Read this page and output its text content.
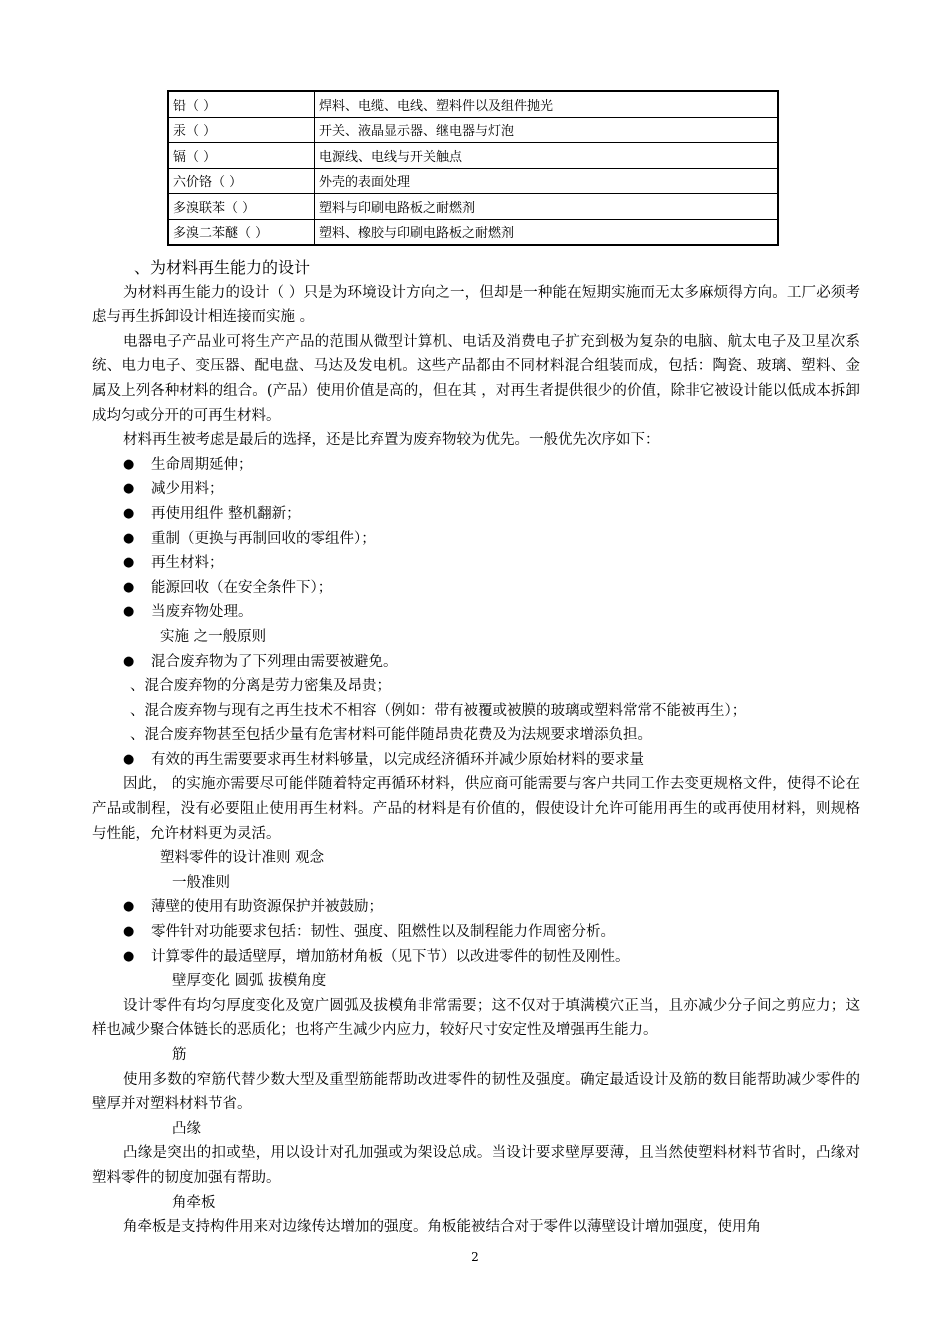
铅（ ）	焊料、电缆、电线、塑料件以及组件抛光
汞（ ）	开关、液晶显示器、继电器与灯泡
镉（ ）	电源线、电线与开关触点
六价铬（ ）	外壳的表面处理
多溴联苯（ ）	塑料与印刷电路板之耐燃剂
多溴二苯醚（ ）	塑料、橡胶与印刷电路板之耐燃剂
、为材料再生能力的设计

为材料再生能力的设计（ ）只是为环境设计方向之一，但却是一种能在短期实施而无太多麻烦得方向。工厂必须考虑与再生拆卸设计相连接而实施 。

电器电子产品业可将生产产品的范围从微型计算机、电话及消费电子扩充到极为复杂的电脑、航太电子及卫星次系统、电力电子、变压器、配电盘、马达及发电机。这些产品都由不同材料混合组装而成，包括：陶瓷、玻璃、塑料、金属及上列各种材料的组合。(产品）使用价值是高的，但在其 ，对再生者提供很少的价值，除非它被设计能以低成本拆卸成均匀或分开的可再生材料。

材料再生被考虑是最后的选择，还是比弃置为废弃物较为优先。一般优先次序如下：

●	生命周期延伸；
●	减少用料；
●	再使用组件 整机翻新；
●	重制（更换与再制回收的零组件）；
●	再生材料；
●	能源回收（在安全条件下）；
●	当废弃物处理。
实施 之一般原则
●	混合废弃物为了下列理由需要被避免。
、混合废弃物的分离是劳力密集及昂贵；
、混合废弃物与现有之再生技术不相容（例如：带有被覆或被膜的玻璃或塑料常常不能被再生）；
、混合废弃物甚至包括少量有危害材料可能伴随昂贵花费及为法规要求增添负担。
●	有效的再生需要要求再生材料够量，以完成经济循环并减少原始材料的要求量

因此， 的实施亦需要尽可能伴随着特定再循环材料，供应商可能需要与客户共同工作去变更规格文件，使得不论在产品或制程，没有必要阻止使用再生材料。产品的材料是有价值的，假使设计允许可能用再生的或再使用材料，则规格与性能，允许材料更为灵活。

塑料零件的设计准则 观念
一般准则
●	薄壁的使用有助资源保护并被鼓励；
●	零件针对功能要求包括：韧性、强度、阻燃性以及制程能力作周密分析。
●	计算零件的最适壁厚，增加筋材角板（见下节）以改进零件的韧性及刚性。
壁厚变化 圆弧 拔模角度

设计零件有均匀厚度变化及宽广圆弧及拔模角非常需要；这不仅对于填满模穴正当，且亦减少分子间之剪应力；这样也减少聚合体链长的恶质化；也将产生减少内应力，较好尺寸安定性及增强再生能力。

筋

使用多数的窄筋代替少数大型及重型筋能帮助改进零件的韧性及强度。确定最适设计及筋的数目能帮助减少零件的壁厚并对塑料材料节省。

凸缘

凸缘是突出的扣或垫，用以设计对孔加强或为架设总成。当设计要求壁厚要薄，且当然使塑料材料节省时，凸缘对塑料零件的韧度加强有帮助。

角牵板

角牵板是支持构件用来对边缘传达增加的强度。角板能被结合对于零件以薄壁设计增加强度，使用角

2
